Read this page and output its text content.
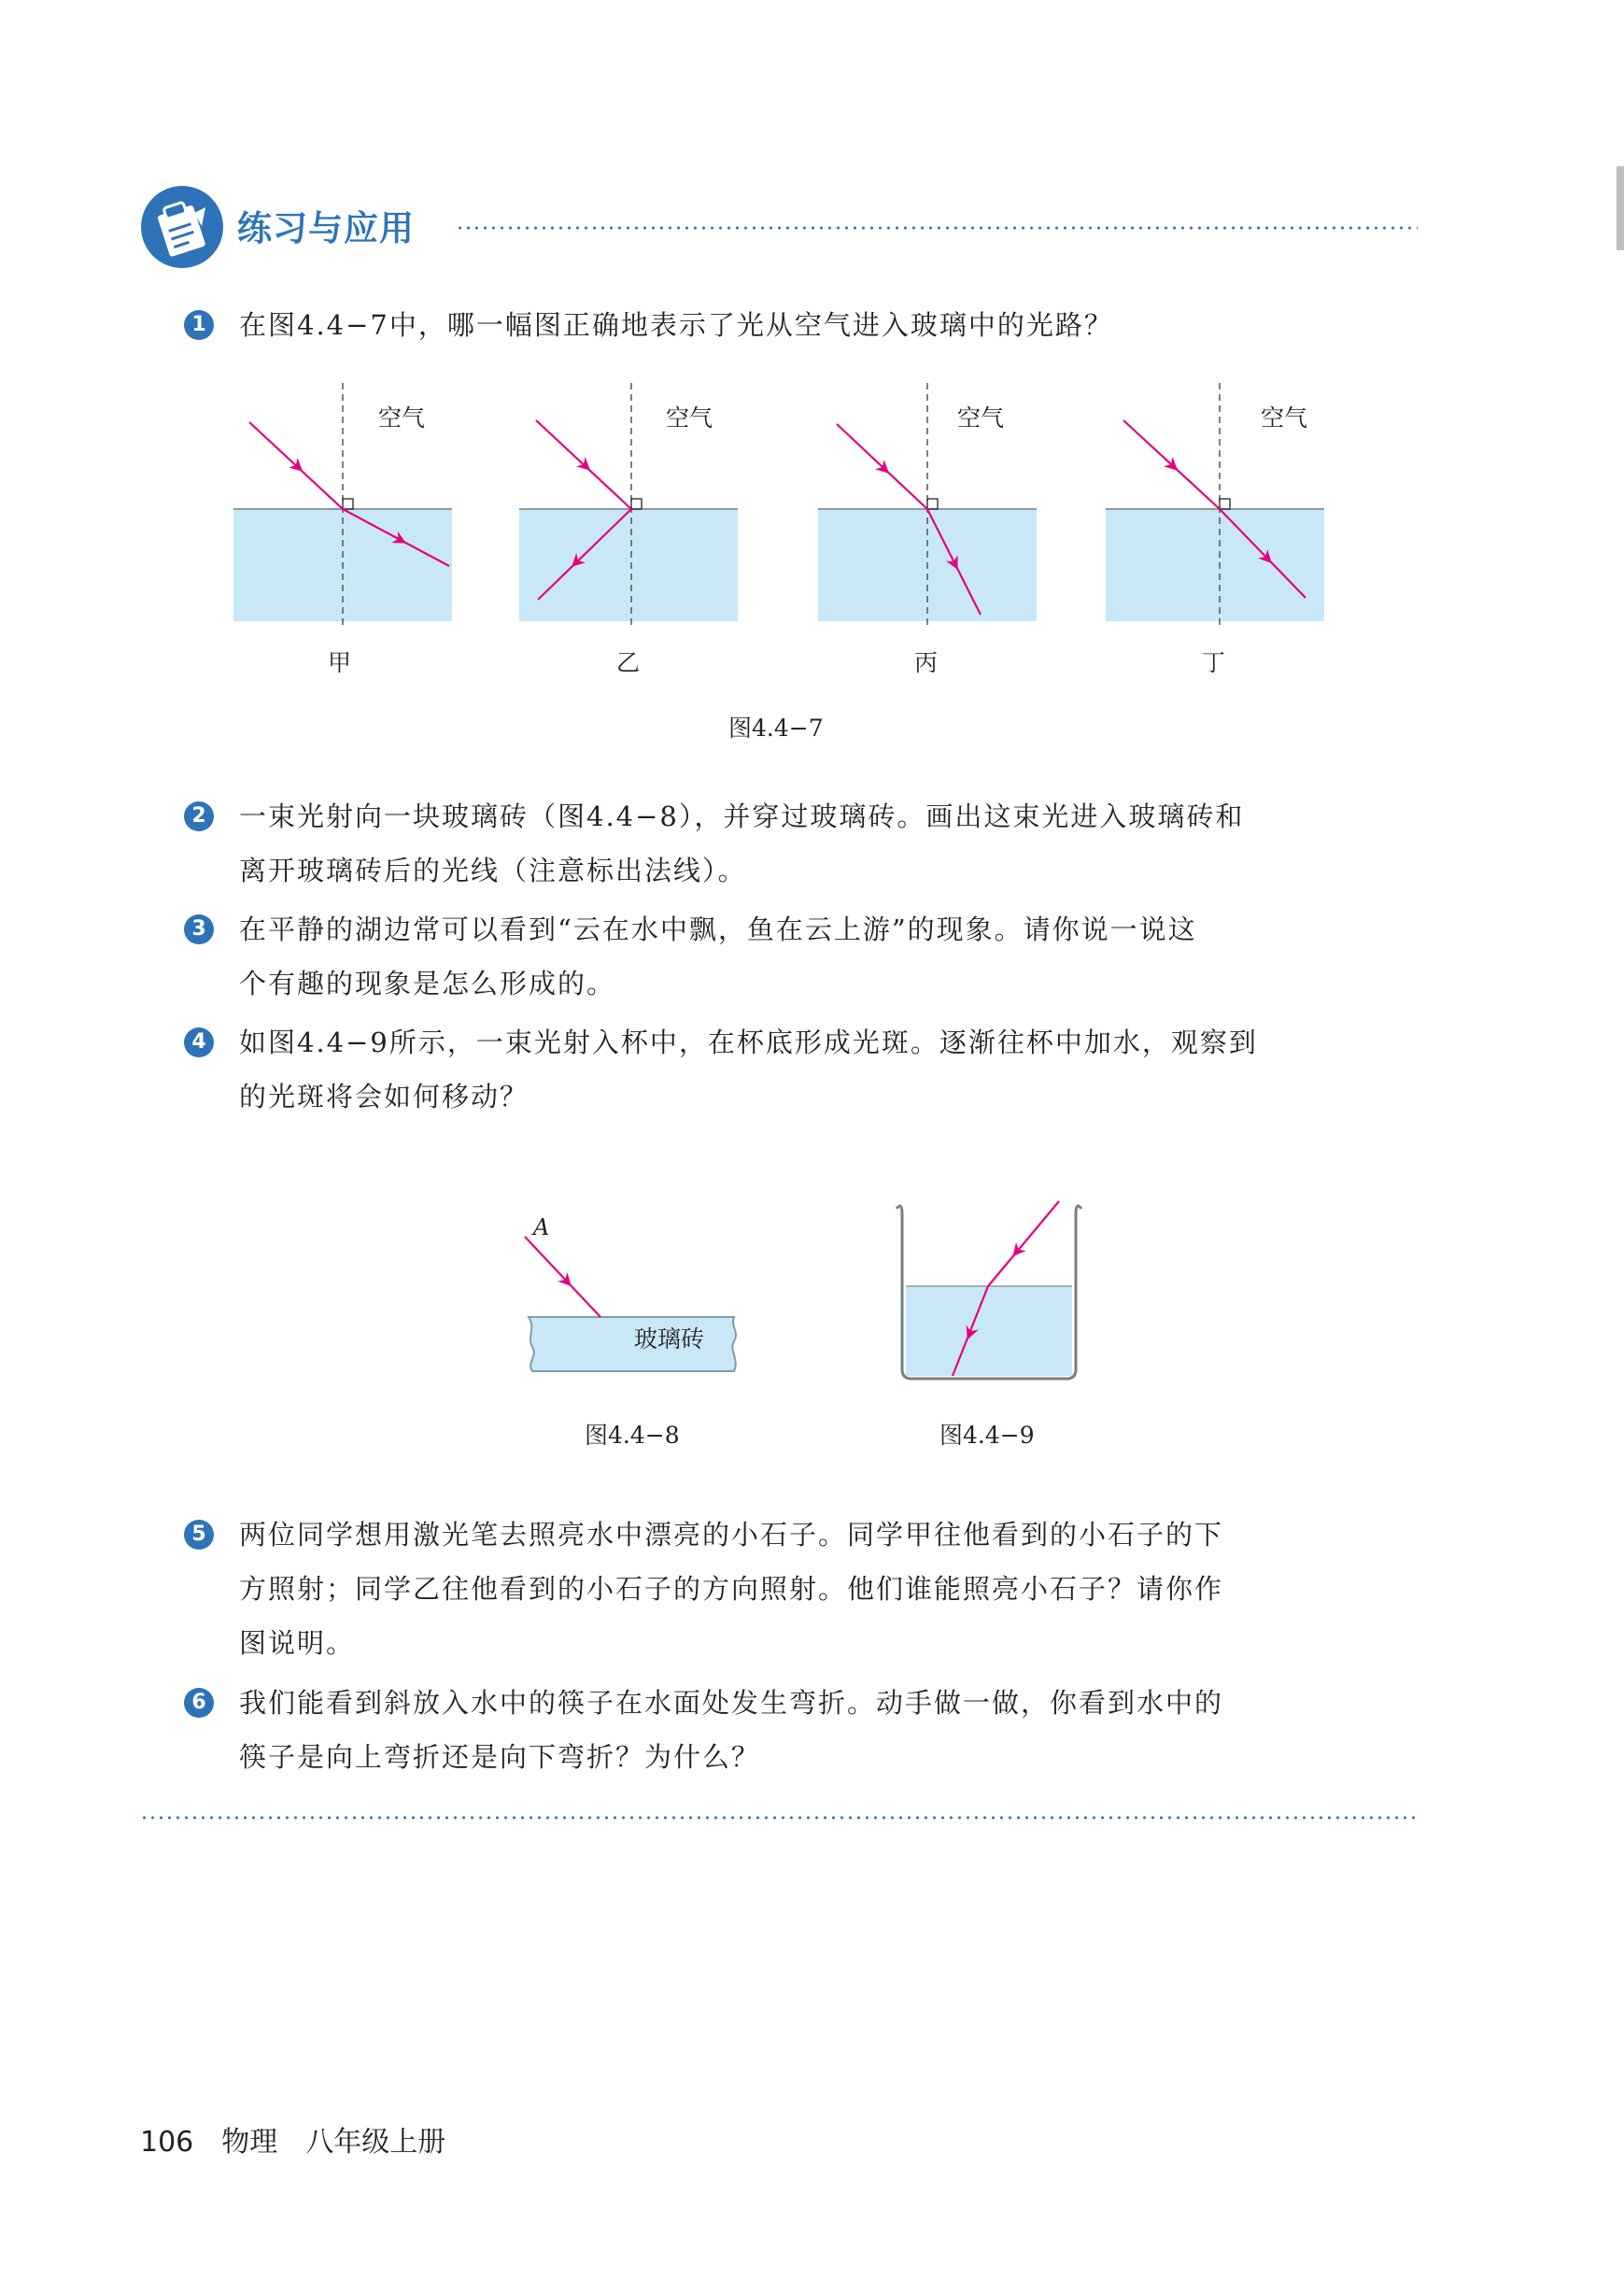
练习与应用
1	在图4.4−7中，哪一幅图正确地表示了光从空气进入玻璃中的光路？
空气	空气	空气	空气
甲	乙	丙	丁
图4.4−7
2	一束光射向一块玻璃砖（图4.4−8），并穿过玻璃砖。画出这束光进入玻璃砖和
离开玻璃砖后的光线（注意标出法线）。
3	在平静的湖边常可以看到“云在水中飘，鱼在云上游”的现象。请你说一说这
个有趣的现象是怎么形成的。
4	如图4.4−9所示，一束光射入杯中，在杯底形成光斑。逐渐往杯中加水，观察到
的光斑将会如何移动？
A
玻璃砖
图4.4−8	图4.4−9
5	两位同学想用激光笔去照亮水中漂亮的小石子。同学甲往他看到的小石子的下
方照射；同学乙往他看到的小石子的方向照射。他们谁能照亮小石子？请你作
图说明。
6	我们能看到斜放入水中的筷子在水面处发生弯折。动手做一做，你看到水中的
筷子是向上弯折还是向下弯折？为什么？
106 物理 八年级上册
